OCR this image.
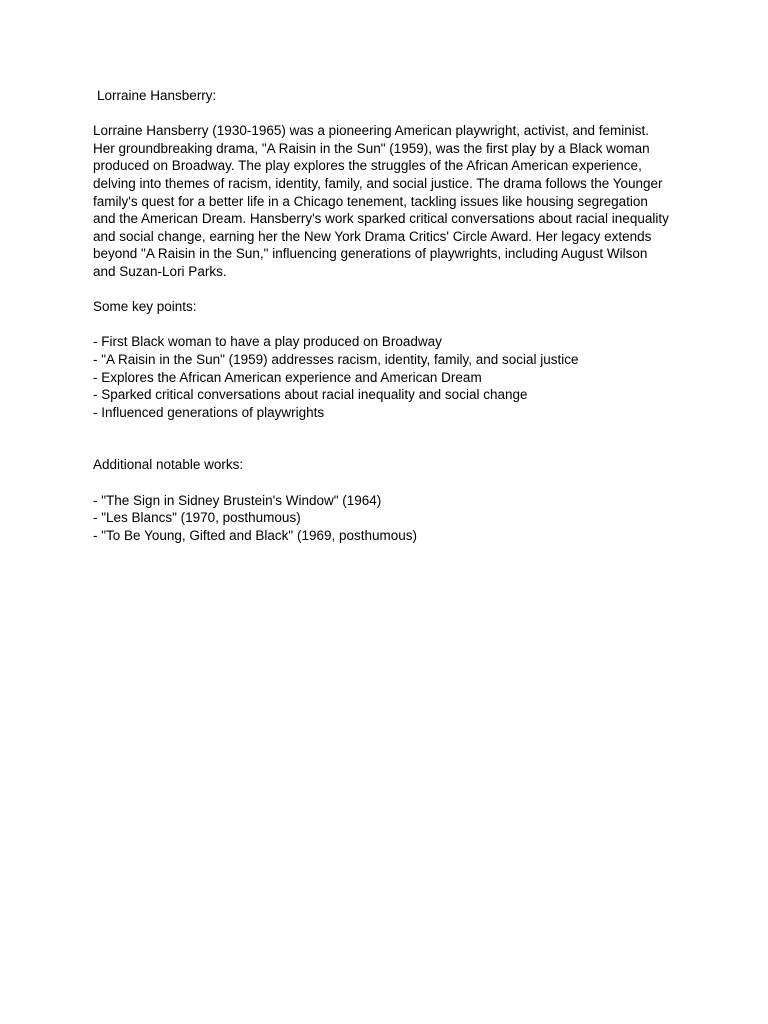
Lorraine Hansberry:

Lorraine Hansberry (1930-1965) was a pioneering American playwright, activist, and feminist. Her groundbreaking drama, "A Raisin in the Sun" (1959), was the first play by a Black woman produced on Broadway. The play explores the struggles of the African American experience, delving into themes of racism, identity, family, and social justice. The drama follows the Younger family's quest for a better life in a Chicago tenement, tackling issues like housing segregation and the American Dream. Hansberry's work sparked critical conversations about racial inequality and social change, earning her the New York Drama Critics' Circle Award. Her legacy extends beyond "A Raisin in the Sun," influencing generations of playwrights, including August Wilson and Suzan-Lori Parks.

Some key points:

- First Black woman to have a play produced on Broadway
- "A Raisin in the Sun" (1959) addresses racism, identity, family, and social justice
- Explores the African American experience and American Dream
- Sparked critical conversations about racial inequality and social change
- Influenced generations of playwrights

Additional notable works:

- "The Sign in Sidney Brustein's Window" (1964)
- "Les Blancs" (1970, posthumous)
- "To Be Young, Gifted and Black" (1969, posthumous)
